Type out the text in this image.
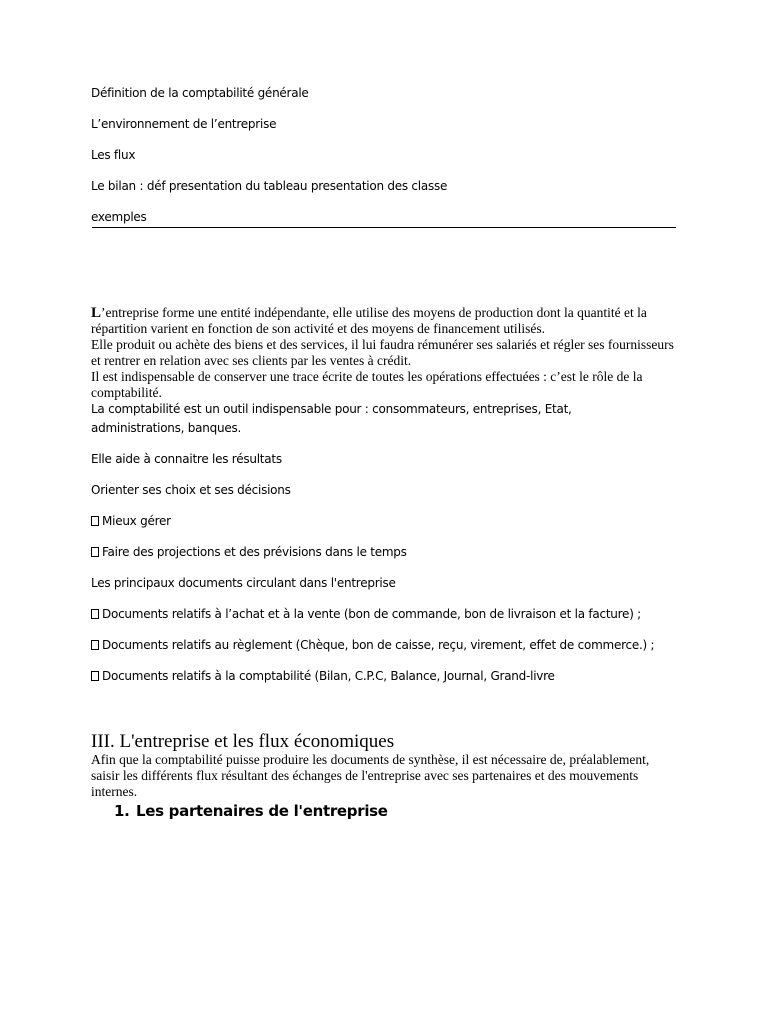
Définition de la comptabilité générale
L’environnement de l’entreprise
Les flux
Le bilan : déf presentation du tableau presentation des classe
exemples

L’entreprise forme une entité indépendante, elle utilise des moyens de production dont la quantité et la répartition varient en fonction de son activité et des moyens de financement utilisés.

Elle produit ou achète des biens et des services, il lui faudra rémunérer ses salariés et régler ses fournisseurs et rentrer en relation avec ses clients par les ventes à crédit.

Il est indispensable de conserver une trace écrite de toutes les opérations effectuées : c’est le rôle de la comptabilité.

La comptabilité est un outil indispensable pour : consommateurs, entreprises, Etat,
administrations, banques.
Elle aide à connaitre les résultats
Orienter ses choix et ses décisions
Mieux gérer
Faire des projections et des prévisions dans le temps
Les principaux documents circulant dans l'entreprise
Documents relatifs à l’achat et à la vente (bon de commande, bon de livraison et la facture) ;
Documents relatifs au règlement (Chèque, bon de caisse, reçu, virement, effet de commerce.) ;
Documents relatifs à la comptabilité (Bilan, C.P.C, Balance, Journal, Grand-livre
III. L'entreprise et les flux économiques
Afin que la comptabilité puisse produire les documents de synthèse, il est nécessaire de, préalablement, saisir les différents flux résultant des échanges de l'entreprise avec ses partenaires et des mouvements internes.
1. Les partenaires de l'entreprise
